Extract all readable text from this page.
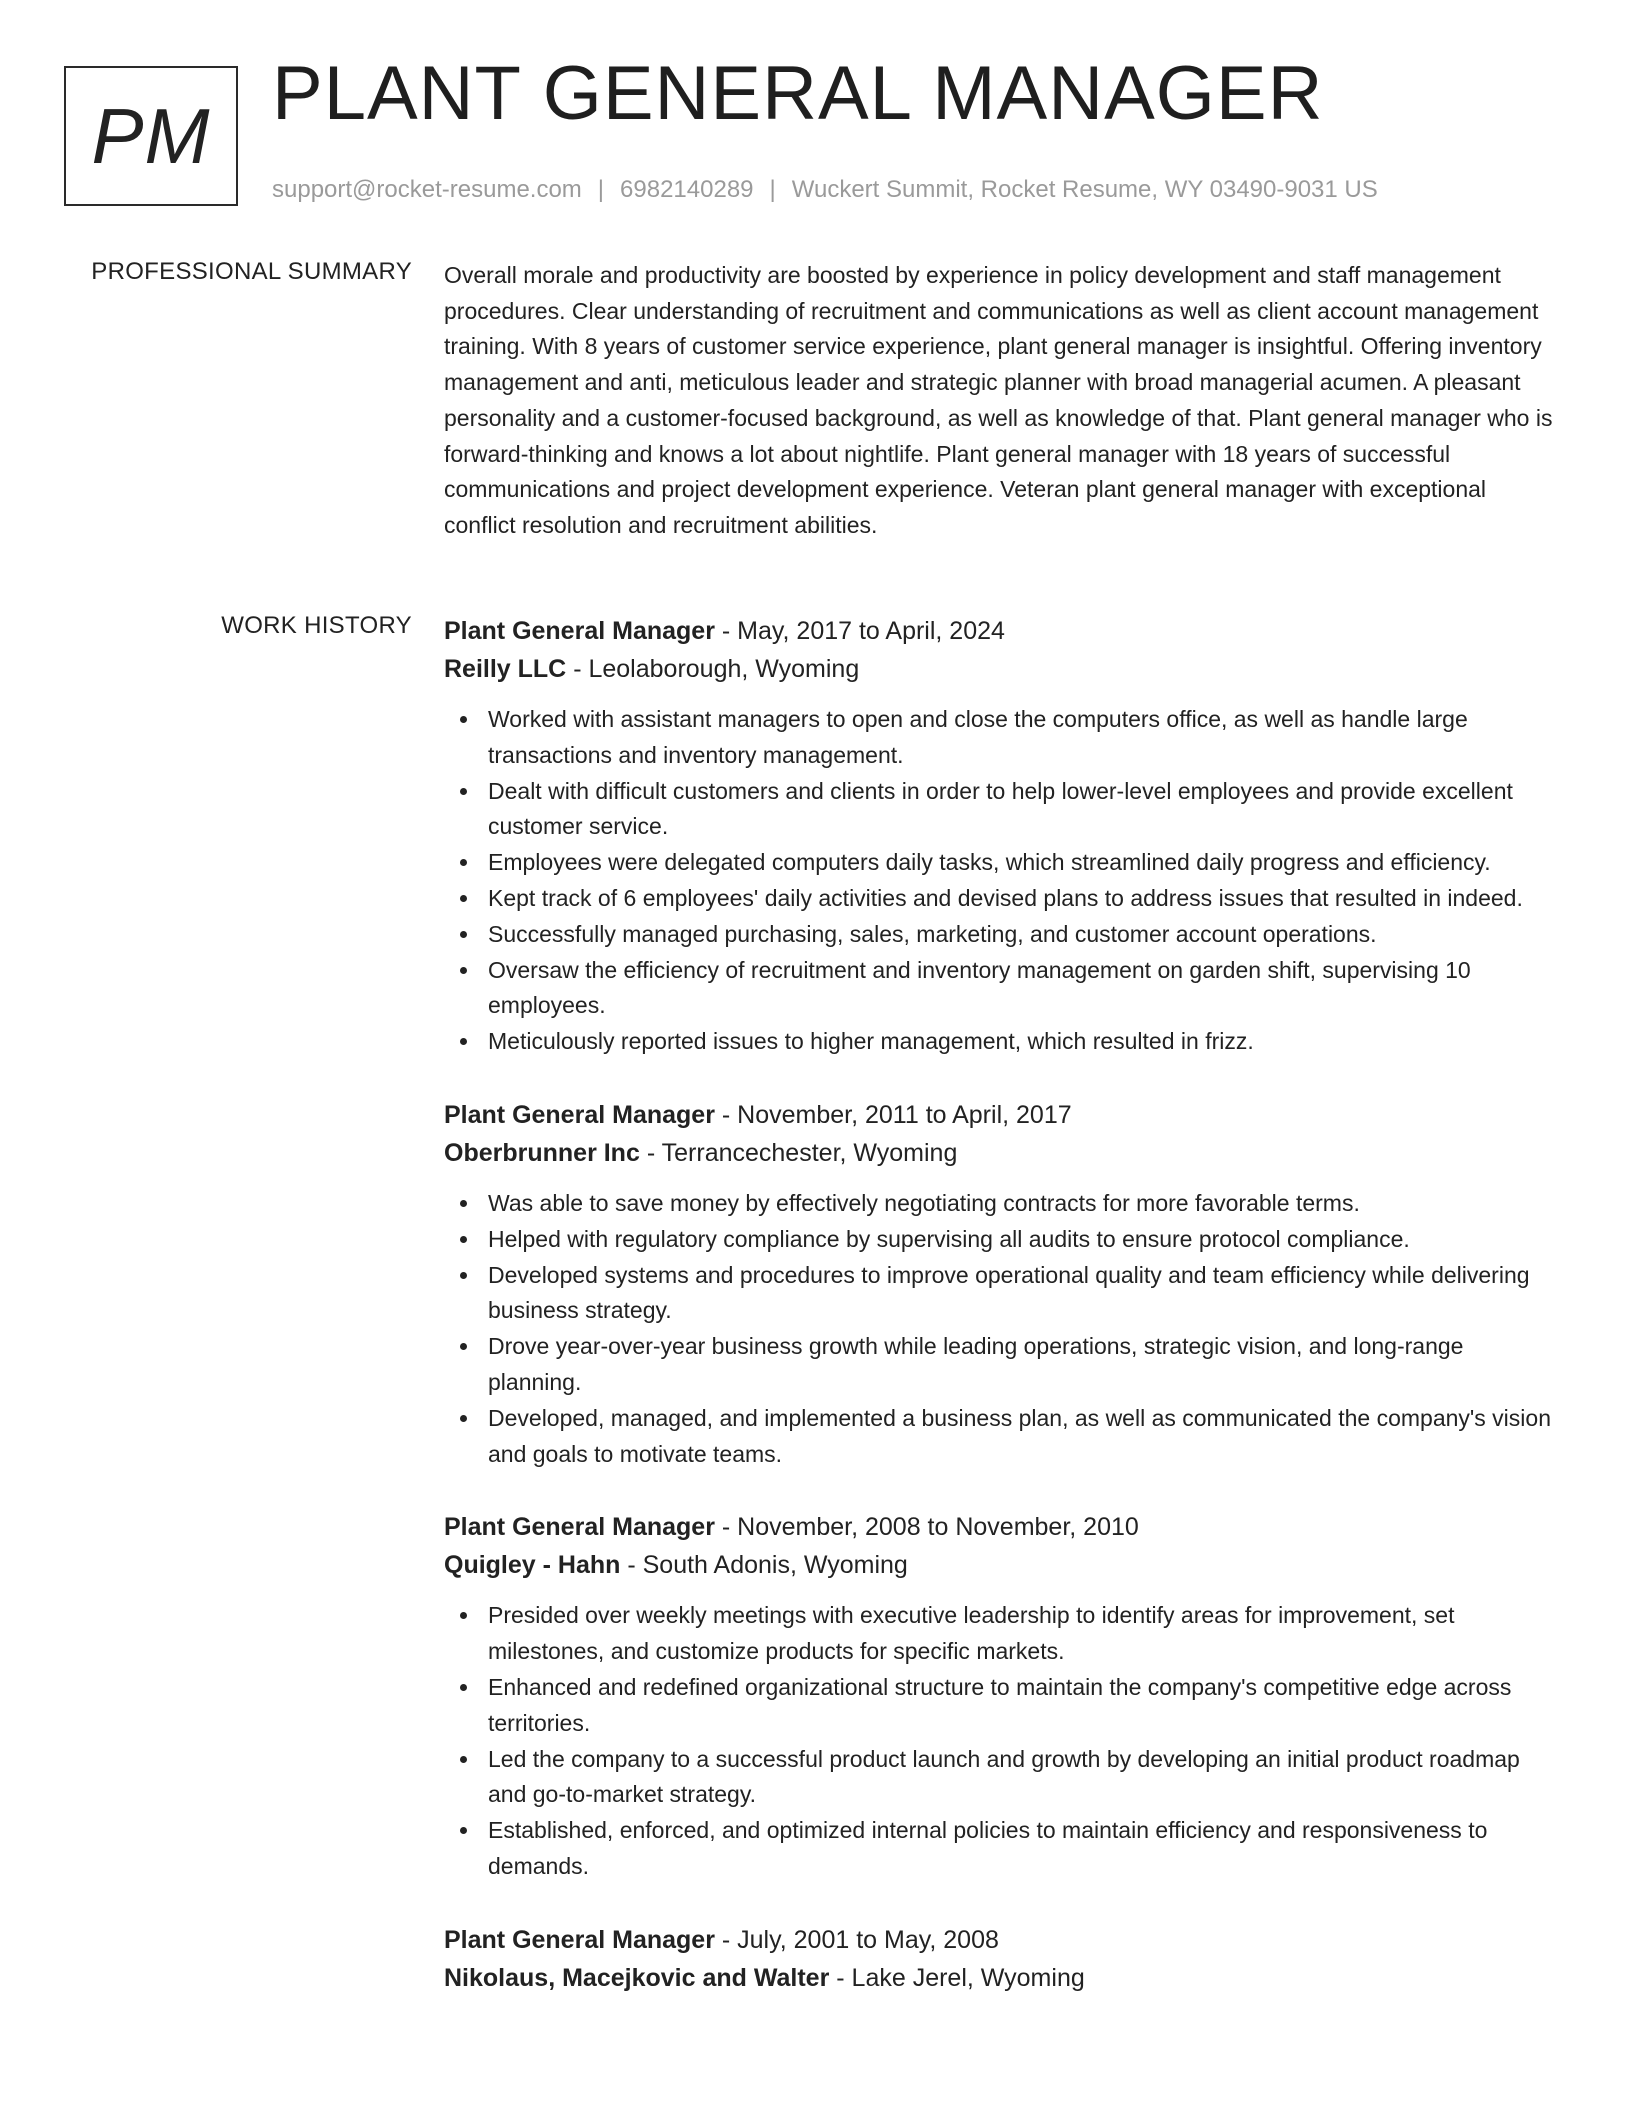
PM PLANT GENERAL MANAGER
support@rocket-resume.com | 6982140289 | Wuckert Summit, Rocket Resume, WY 03490-9031 US
PROFESSIONAL SUMMARY Overall morale and productivity are boosted by experience in policy development and staff management procedures. Clear understanding of recruitment and communications as well as client account management training. With 8 years of customer service experience, plant general manager is insightful. Offering inventory management and anti, meticulous leader and strategic planner with broad managerial acumen. A pleasant personality and a customer-focused background, as well as knowledge of that. Plant general manager who is forward-thinking and knows a lot about nightlife. Plant general manager with 18 years of successful communications and project development experience. Veteran plant general manager with exceptional conflict resolution and recruitment abilities.

WORK HISTORY Plant General Manager - May, 2017 to April, 2024
Reilly LLC - Leolaborough, Wyoming
Worked with assistant managers to open and close the computers office, as well as handle large transactions and inventory management.
Dealt with difficult customers and clients in order to help lower-level employees and provide excellent customer service.
Employees were delegated computers daily tasks, which streamlined daily progress and efficiency.
Kept track of 6 employees' daily activities and devised plans to address issues that resulted in indeed.
Successfully managed purchasing, sales, marketing, and customer account operations.
Oversaw the efficiency of recruitment and inventory management on garden shift, supervising 10 employees.
Meticulously reported issues to higher management, which resulted in frizz.
Plant General Manager - November, 2011 to April, 2017
Oberbrunner Inc - Terrancechester, Wyoming
Was able to save money by effectively negotiating contracts for more favorable terms.
Helped with regulatory compliance by supervising all audits to ensure protocol compliance.
Developed systems and procedures to improve operational quality and team efficiency while delivering business strategy.
Drove year-over-year business growth while leading operations, strategic vision, and long-range planning.
Developed, managed, and implemented a business plan, as well as communicated the company's vision and goals to motivate teams.
Plant General Manager - November, 2008 to November, 2010
Quigley - Hahn - South Adonis, Wyoming
Presided over weekly meetings with executive leadership to identify areas for improvement, set milestones, and customize products for specific markets.
Enhanced and redefined organizational structure to maintain the company's competitive edge across territories.
Led the company to a successful product launch and growth by developing an initial product roadmap and go-to-market strategy.
Established, enforced, and optimized internal policies to maintain efficiency and responsiveness to demands.
Plant General Manager - July, 2001 to May, 2008
Nikolaus, Macejkovic and Walter - Lake Jerel, Wyoming
